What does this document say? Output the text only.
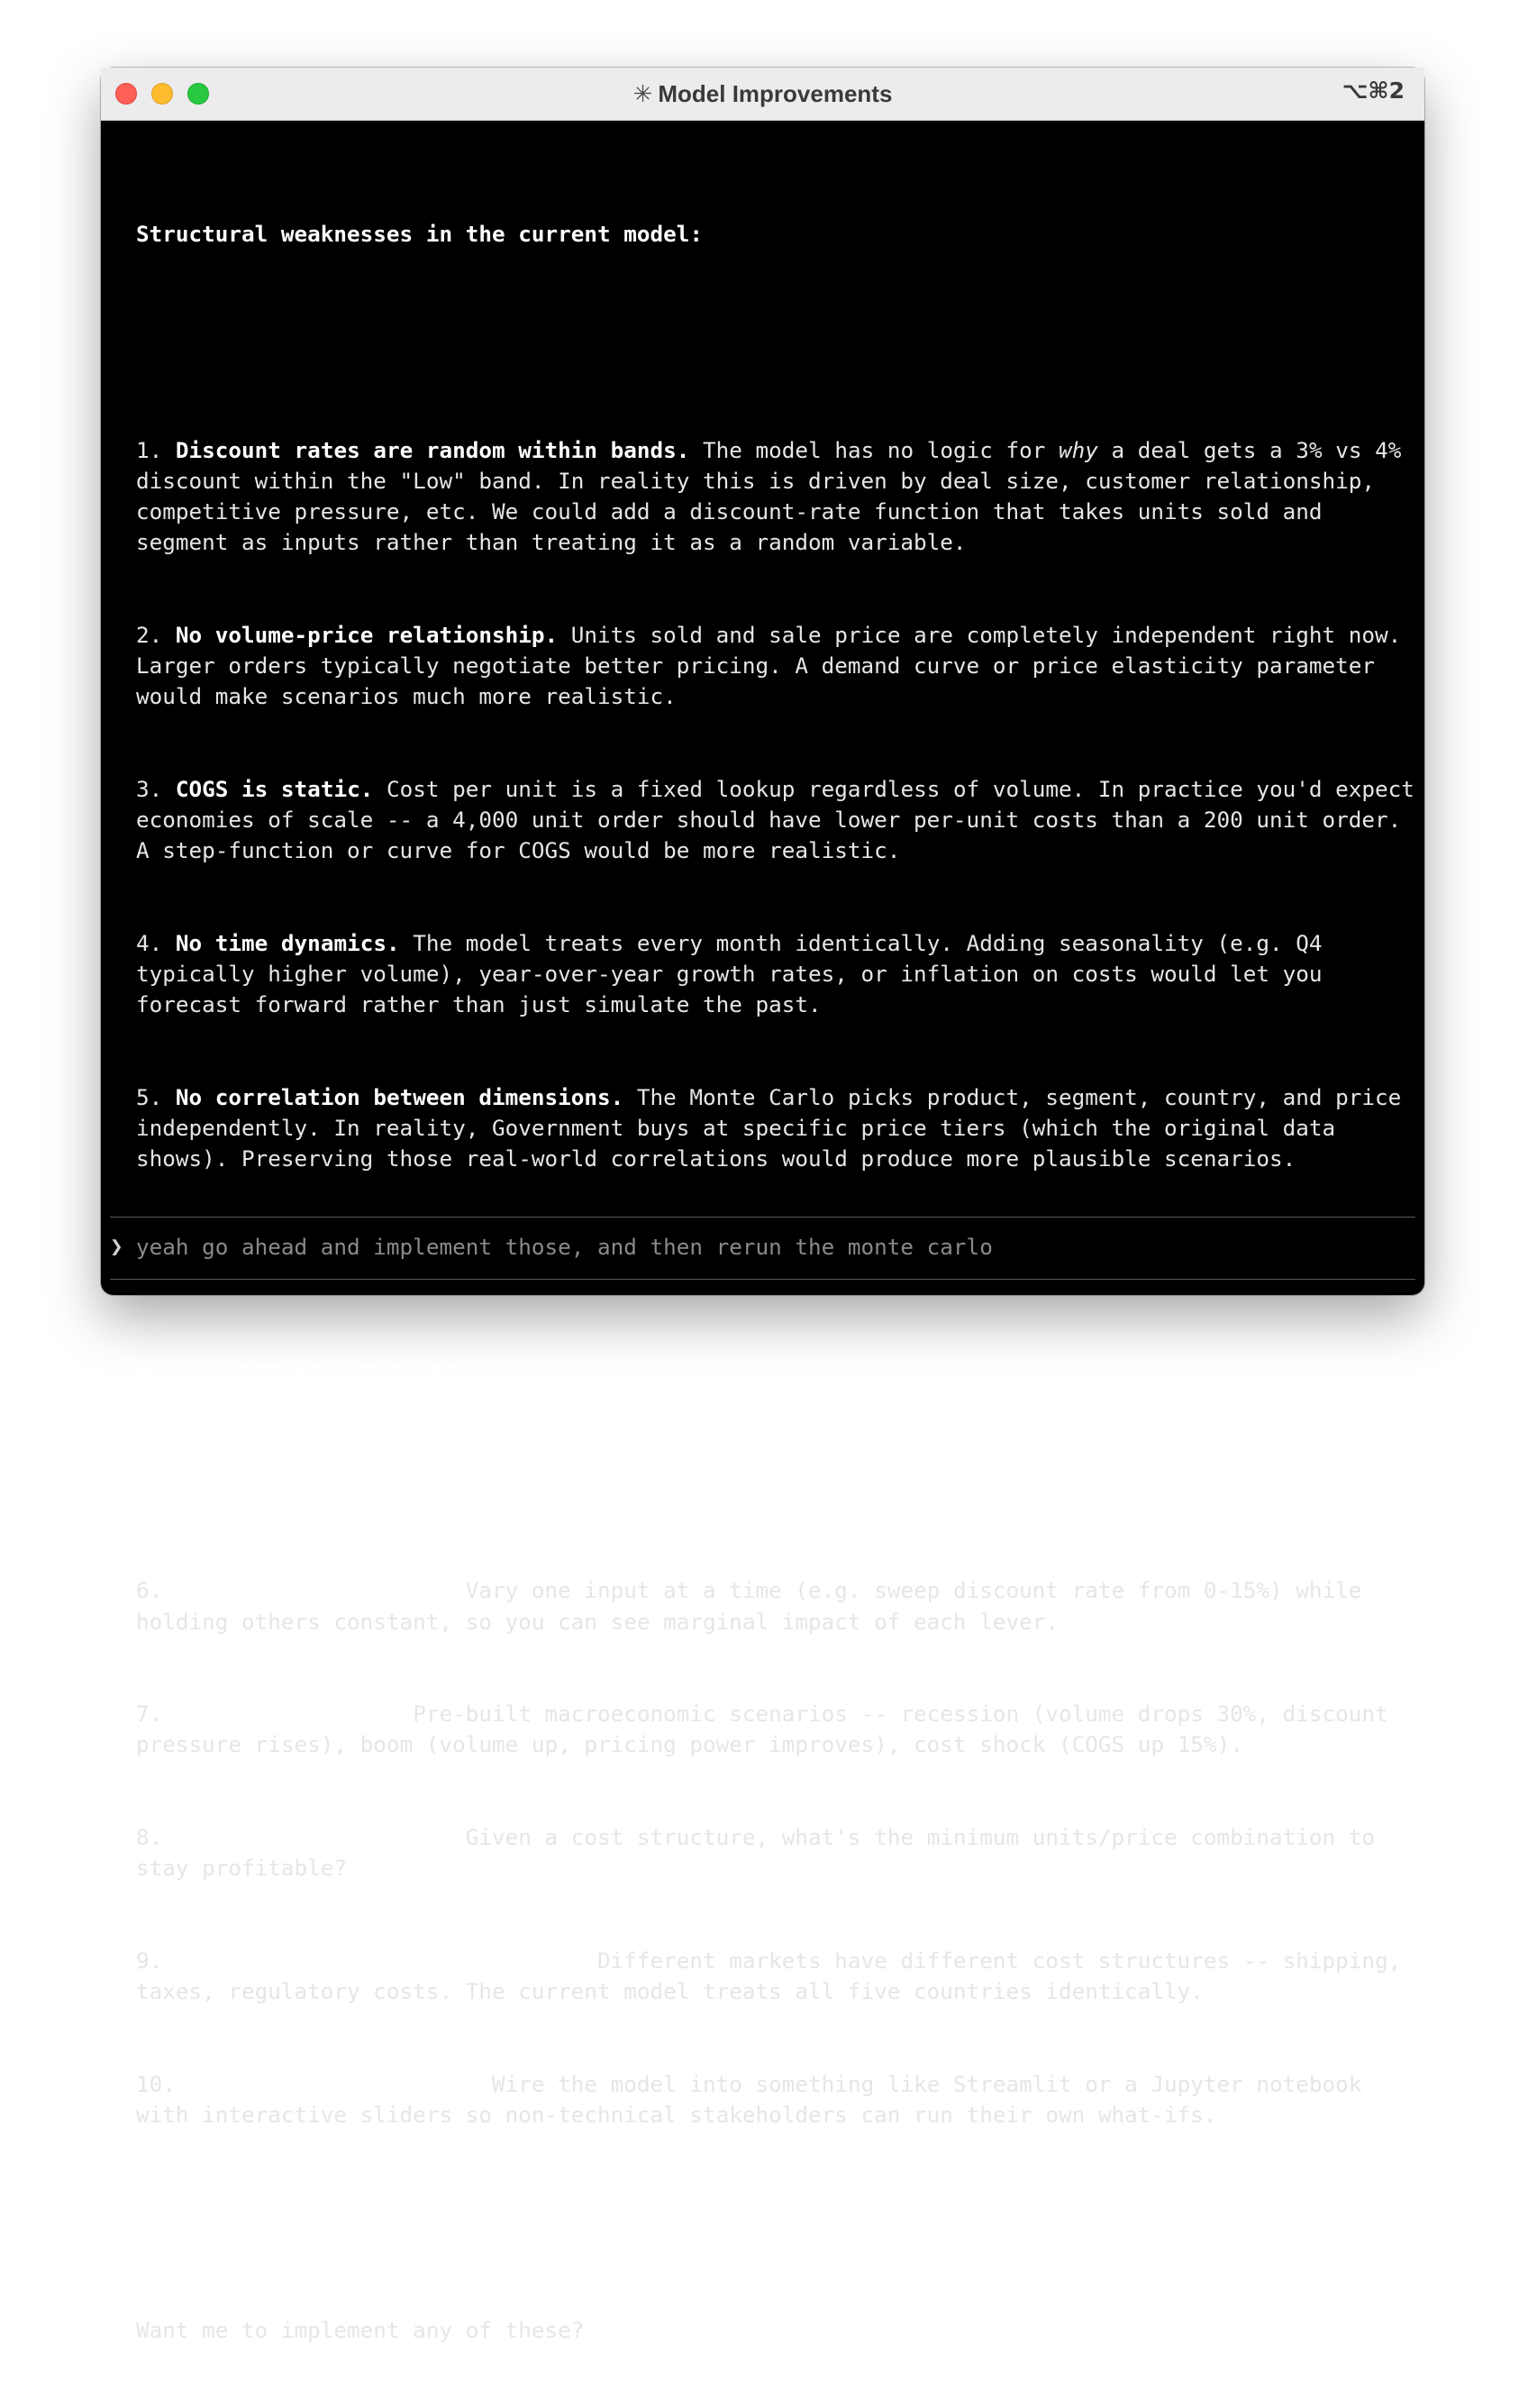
✳ Model Improvements	⌥⌘2

Structural weaknesses in the current model:

1. Discount rates are random within bands. The model has no logic for why a deal gets a 3% vs 4% discount within the "Low" band. In reality this is driven by deal size, customer relationship, competitive pressure, etc. We could add a discount-rate function that takes units sold and segment as inputs rather than treating it as a random variable.

2. No volume-price relationship. Units sold and sale price are completely independent right now. Larger orders typically negotiate better pricing. A demand curve or price elasticity parameter would make scenarios much more realistic.

3. COGS is static. Cost per unit is a fixed lookup regardless of volume. In practice you'd expect economies of scale -- a 4,000 unit order should have lower per-unit costs than a 200 unit order. A step-function or curve for COGS would be more realistic.

4. No time dynamics. The model treats every month identically. Adding seasonality (e.g. Q4 typically higher volume), year-over-year growth rates, or inflation on costs would let you forecast forward rather than just simulate the past.

5. No correlation between dimensions. The Monte Carlo picks product, segment, country, and price independently. In reality, Government buys at specific price tiers (which the original data shows). Preserving those real-world correlations would produce more plausible scenarios.

New capabilities I'd add:

6. Sensitivity analysis. Vary one input at a time (e.g. sweep discount rate from 0-15%) while holding others constant, so you can see marginal impact of each lever.

7. Scenario bundles. Pre-built macroeconomic scenarios -- recession (volume drops 30%, discount pressure rises), boom (volume up, pricing power improves), cost shock (COGS up 15%).

8. Breakeven calculator. Given a cost structure, what's the minimum units/price combination to stay profitable?

9. Country-level cost adjustments. Different markets have different cost structures -- shipping, taxes, regulatory costs. The current model treats all five countries identically.

10. Output to a dashboard. Wire the model into something like Streamlit or a Jupyter notebook with interactive sliders so non-technical stakeholders can run their own what-ifs.

Want me to implement any of these?

❯
yeah go ahead and implement those, and then rerun the monte carlo
